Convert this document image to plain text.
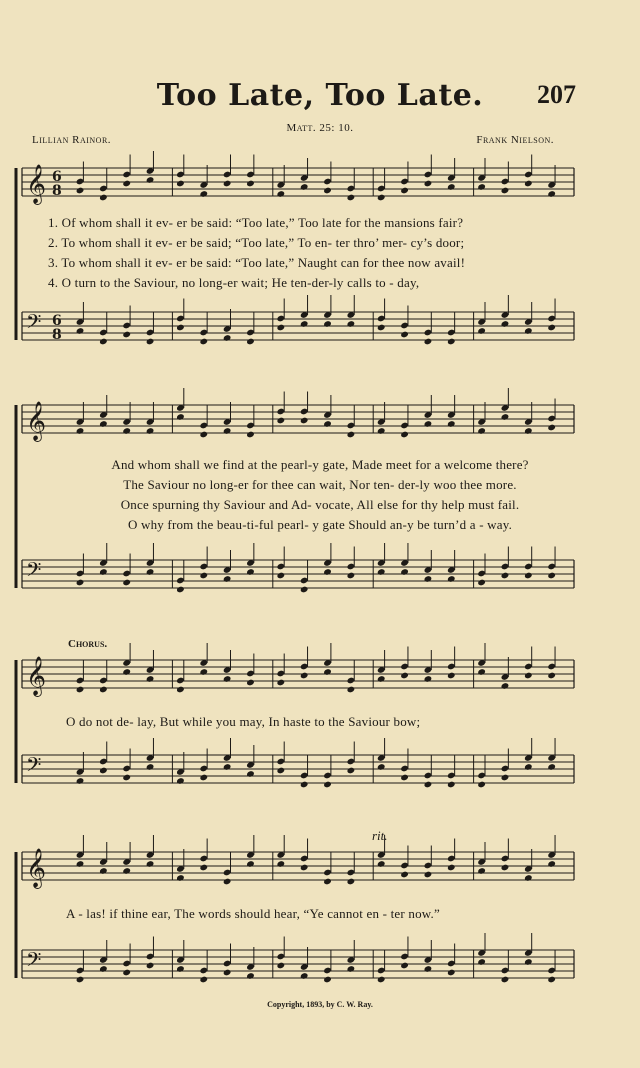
Too Late, Too Late.	207
Lillian Rainor.
Matt. 25: 10.
Frank Nielson.
𝄞
𝄢
6
8
6
8
𝄞
𝄢
𝄞
𝄢
𝄞
𝄢
1. Of whom shall it ev- er be said: “Too late,” Too late for the mansions fair?
2. To whom shall it ev- er be said; “Too late,” To en- ter thro’ mer- cy’s door;
3. To whom shall it ev- er be said: “Too late,” Naught can for thee now avail!
4. O turn to the Saviour, no long-er wait; He ten-der-ly calls to - day,
And whom shall we find at the pearl-y gate, Made meet for a welcome there?
The Saviour no long-er for thee can wait, Nor ten- der-ly woo thee more.
Once spurning thy Saviour and Ad- vocate, All else for thy help must fail.
O why from the beau-ti-ful pearl- y gate Should an-y be turn’d a - way.
Chorus.
O do not de- lay, But while you may, In haste to the Saviour bow;
rit.
A - las! if thine ear, The words should hear, “Ye cannot en - ter now.”
Copyright, 1893, by C. W. Ray.
